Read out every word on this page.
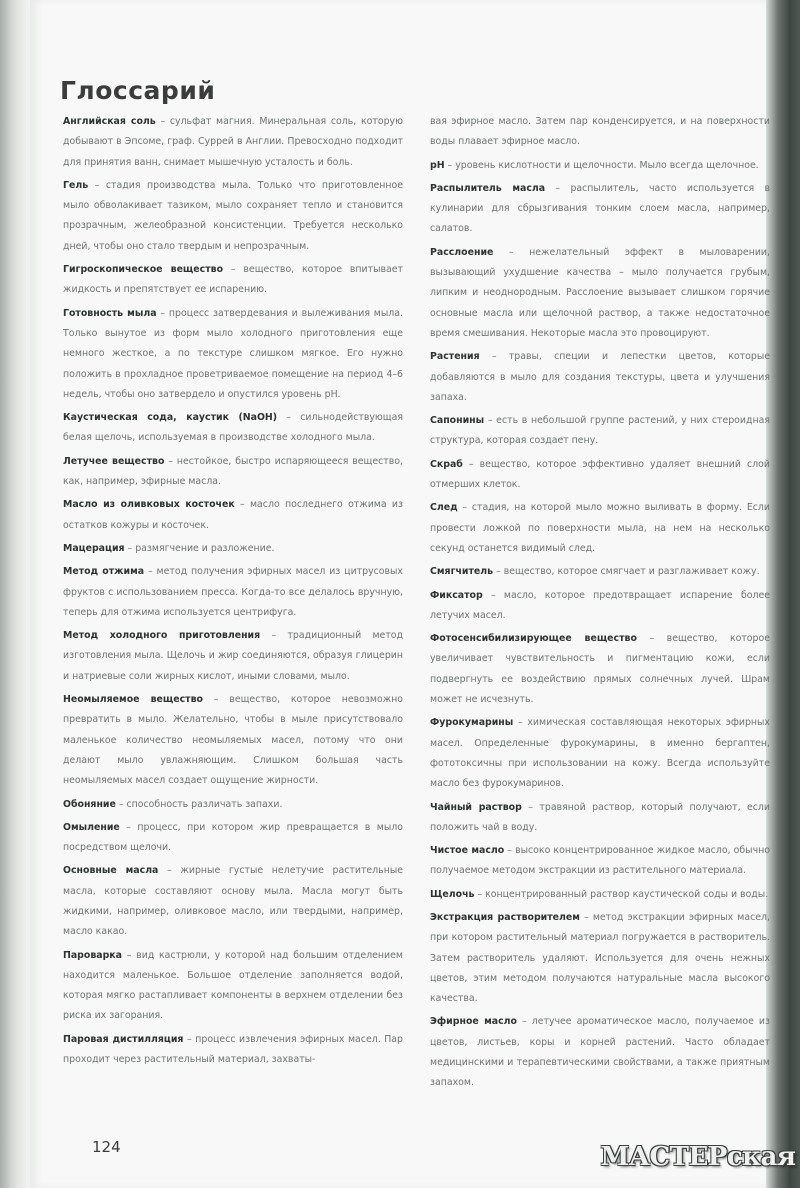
Глоссарий

Английская соль – сульфат магния. Минеральная соль, которую добывают в Эпсоме, граф. Суррей в Англии. Превосходно подходит для принятия ванн, снимает мышечную усталость и боль.

Гель – стадия производства мыла. Только что приготовленное мыло обволакивает тазиком, мыло сохраняет тепло и становится прозрачным, желеобразной консистенции. Требуется несколько дней, чтобы оно стало твердым и непрозрачным.

Гигроскопическое вещество – вещество, которое впитывает жидкость и препятствует ее испарению.

Готовность мыла – процесс затвердевания и вылеживания мыла. Только вынутое из форм мыло холодного приготовления еще немного жесткое, а по текстуре слишком мягкое. Его нужно положить в прохладное проветриваемое помещение на период 4–6 недель, чтобы оно затвердело и опустился уровень pH.

Каустическая сода, каустик (NaOH) – сильнодействующая белая щелочь, используемая в производстве холодного мыла.

Летучее вещество – нестойкое, быстро испаряющееся вещество, как, например, эфирные масла.

Масло из оливковых косточек – масло последнего отжима из остатков кожуры и косточек.

Мацерация – размягчение и разложение.

Метод отжима – метод получения эфирных масел из цитрусовых фруктов с использованием пресса. Когда-то все делалось вручную, теперь для отжима используется центрифуга.

Метод холодного приготовления – традиционный метод изготовления мыла. Щелочь и жир соединяются, образуя глицерин и натриевые соли жирных кислот, иными словами, мыло.

Неомыляемое вещество – вещество, которое невозможно превратить в мыло. Желательно, чтобы в мыле присутствовало маленькое количество неомыляемых масел, потому что они делают мыло увлажняющим. Слишком большая часть неомыляемых масел создает ощущение жирности.

Обоняние – способность различать запахи.

Омыление – процесс, при котором жир превращается в мыло посредством щелочи.

Основные масла – жирные густые нелетучие растительные масла, которые составляют основу мыла. Масла могут быть жидкими, например, оливковое масло, или твердыми, например, масло какао.

Пароварка – вид кастрюли, у которой над большим отделением находится маленькое. Большое отделение заполняется водой, которая мягко растапливает компоненты в верхнем отделении без риска их загорания.

Паровая дистилляция – процесс извлечения эфирных масел. Пар проходит через растительный материал, захваты-

вая эфирное масло. Затем пар конденсируется, и на поверхности воды плавает эфирное масло.

pH – уровень кислотности и щелочности. Мыло всегда щелочное.

Распылитель масла – распылитель, часто используется в кулинарии для сбрызгивания тонким слоем масла, например, салатов.

Расслоение – нежелательный эффект в мыловарении, вызывающий ухудшение качества – мыло получается грубым, липким и неоднородным. Расслоение вызывает слишком горячие основные масла или щелочной раствор, а также недостаточное время смешивания. Некоторые масла это провоцируют.

Растения – травы, специи и лепестки цветов, которые добавляются в мыло для создания текстуры, цвета и улучшения запаха.

Сапонины – есть в небольшой группе растений, у них стероидная структура, которая создает пену.

Скраб – вещество, которое эффективно удаляет внешний слой отмерших клеток.

След – стадия, на которой мыло можно выливать в форму. Если провести ложкой по поверхности мыла, на нем на несколько секунд останется видимый след.

Смягчитель – вещество, которое смягчает и разглаживает кожу.

Фиксатор – масло, которое предотвращает испарение более летучих масел.

Фотосенсибилизирующее вещество – вещество, которое увеличивает чувствительность и пигментацию кожи, если подвергнуть ее воздействию прямых солнечных лучей. Шрам может не исчезнуть.

Фурокумарины – химическая составляющая некоторых эфирных масел. Определенные фурокумарины, в именно бергаптен, фототоксичны при использовании на кожу. Всегда используйте масло без фурокумаринов.

Чайный раствор – травяной раствор, который получают, если положить чай в воду.

Чистое масло – высоко концентрированное жидкое масло, обычно получаемое методом экстракции из растительного материала.

Щелочь – концентрированный раствор каустической соды и воды.

Экстракция растворителем – метод экстракции эфирных масел, при котором растительный материал погружается в растворитель. Затем растворитель удаляют. Используется для очень нежных цветов, этим методом получаются натуральные масла высокого качества.

Эфирное масло – летучее ароматическое масло, получаемое из цветов, листьев, коры и корней растений. Часто обладает медицинскими и терапевтическими свойствами, а также приятным запахом.

124	МАСТЕРская
